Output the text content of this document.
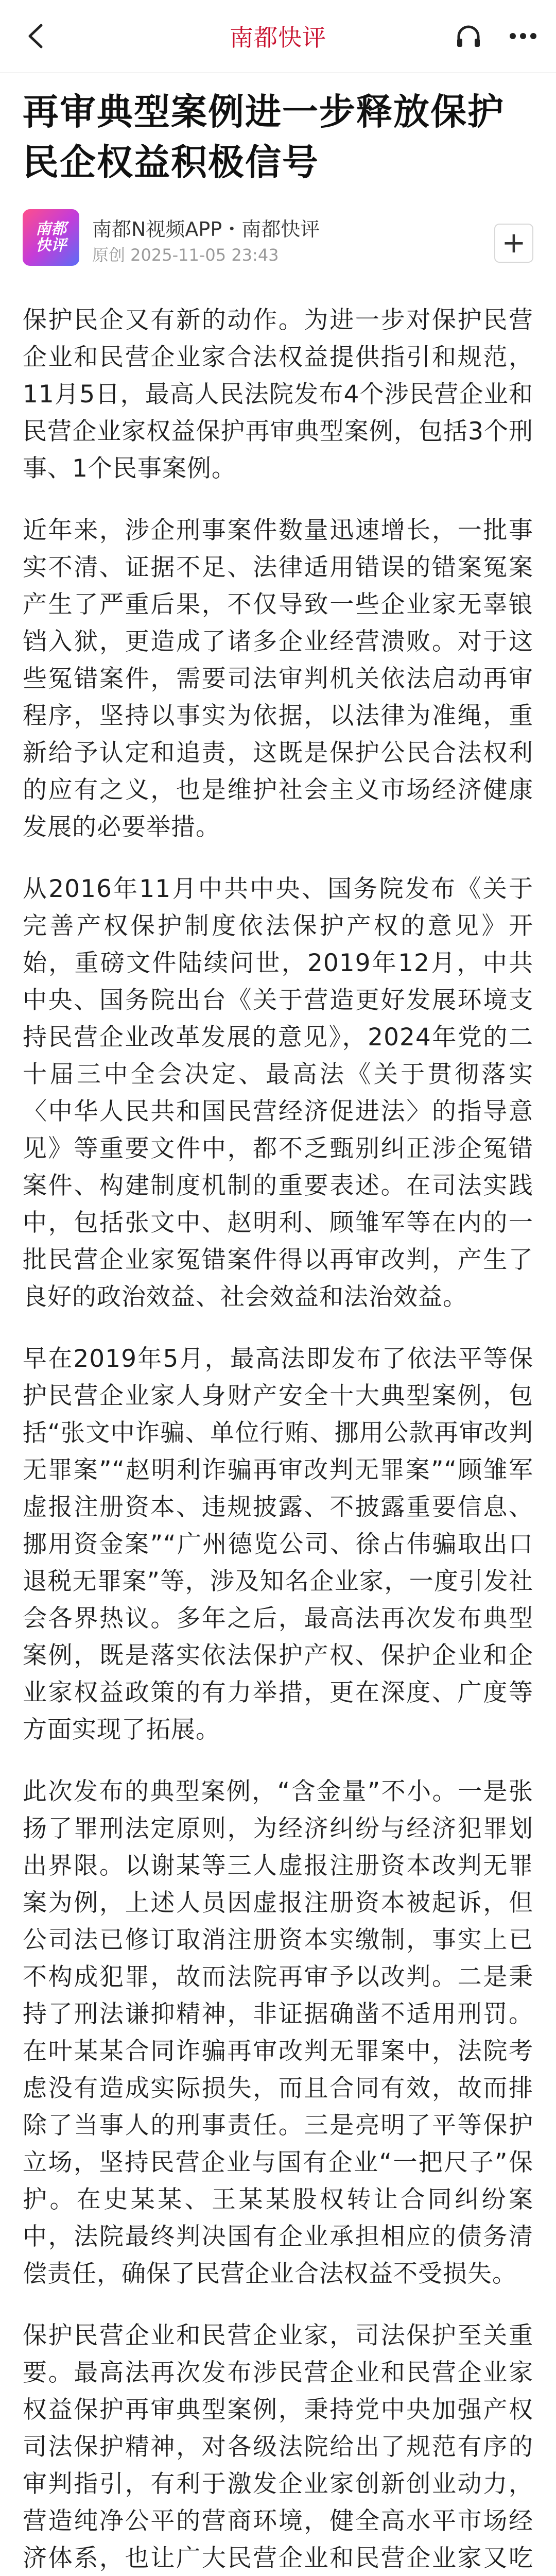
南都快评
再审典型案例进一步释放保护民企权益积极信号
南都
快评
南都N视频APP・南都快评
原创 2025-11-05 23:43	+

保护民企又有新的动作。为进一步对保护民营企业和民营企业家合法权益提供指引和规范，11月5日，最高人民法院发布4个涉民营企业和民营企业家权益保护再审典型案例，包括3个刑事、1个民事案例。

近年来，涉企刑事案件数量迅速增长，一批事实不清、证据不足、法律适用错误的错案冤案产生了严重后果，不仅导致一些企业家无辜锒铛入狱，更造成了诸多企业经营溃败。对于这些冤错案件，需要司法审判机关依法启动再审程序，坚持以事实为依据，以法律为准绳，重新给予认定和追责，这既是保护公民合法权利的应有之义，也是维护社会主义市场经济健康发展的必要举措。

从2016年11月中共中央、国务院发布《关于完善产权保护制度依法保护产权的意见》开始，重磅文件陆续问世，2019年12月，中共中央、国务院出台《关于营造更好发展环境支持民营企业改革发展的意见》，2024年党的二十届三中全会决定、最高法《关于贯彻落实〈中华人民共和国民营经济促进法〉的指导意见》等重要文件中，都不乏甄别纠正涉企冤错案件、构建制度机制的重要表述。在司法实践中，包括张文中、赵明利、顾雏军等在内的一批民营企业家冤错案件得以再审改判，产生了良好的政治效益、社会效益和法治效益。

早在2019年5月，最高法即发布了依法平等保护民营企业家人身财产安全十大典型案例，包括“张文中诈骗、单位行贿、挪用公款再审改判无罪案”“赵明利诈骗再审改判无罪案”“顾雏军虚报注册资本、违规披露、不披露重要信息、挪用资金案”“广州德览公司、徐占伟骗取出口退税无罪案”等，涉及知名企业家，一度引发社会各界热议。多年之后，最高法再次发布典型案例，既是落实依法保护产权、保护企业和企业家权益政策的有力举措，更在深度、广度等方面实现了拓展。

此次发布的典型案例，“含金量”不小。一是张扬了罪刑法定原则，为经济纠纷与经济犯罪划出界限。以谢某等三人虚报注册资本改判无罪案为例，上述人员因虚报注册资本被起诉，但公司法已修订取消注册资本实缴制，事实上已不构成犯罪，故而法院再审予以改判。二是秉持了刑法谦抑精神，非证据确凿不适用刑罚。在叶某某合同诈骗再审改判无罪案中，法院考虑没有造成实际损失，而且合同有效，故而排除了当事人的刑事责任。三是亮明了平等保护立场，坚持民营企业与国有企业“一把尺子”保护。在史某某、王某某股权转让合同纠纷案中，法院最终判决国有企业承担相应的债务清偿责任，确保了民营企业合法权益不受损失。

保护民营企业和民营企业家，司法保护至关重要。最高法再次发布涉民营企业和民营企业家权益保护再审典型案例，秉持党中央加强产权司法保护精神，对各级法院给出了规范有序的审判指引，有利于激发企业家创新创业动力，营造纯净公平的营商环境，健全高水平市场经济体系，也让广大民营企业和民营企业家又吃
